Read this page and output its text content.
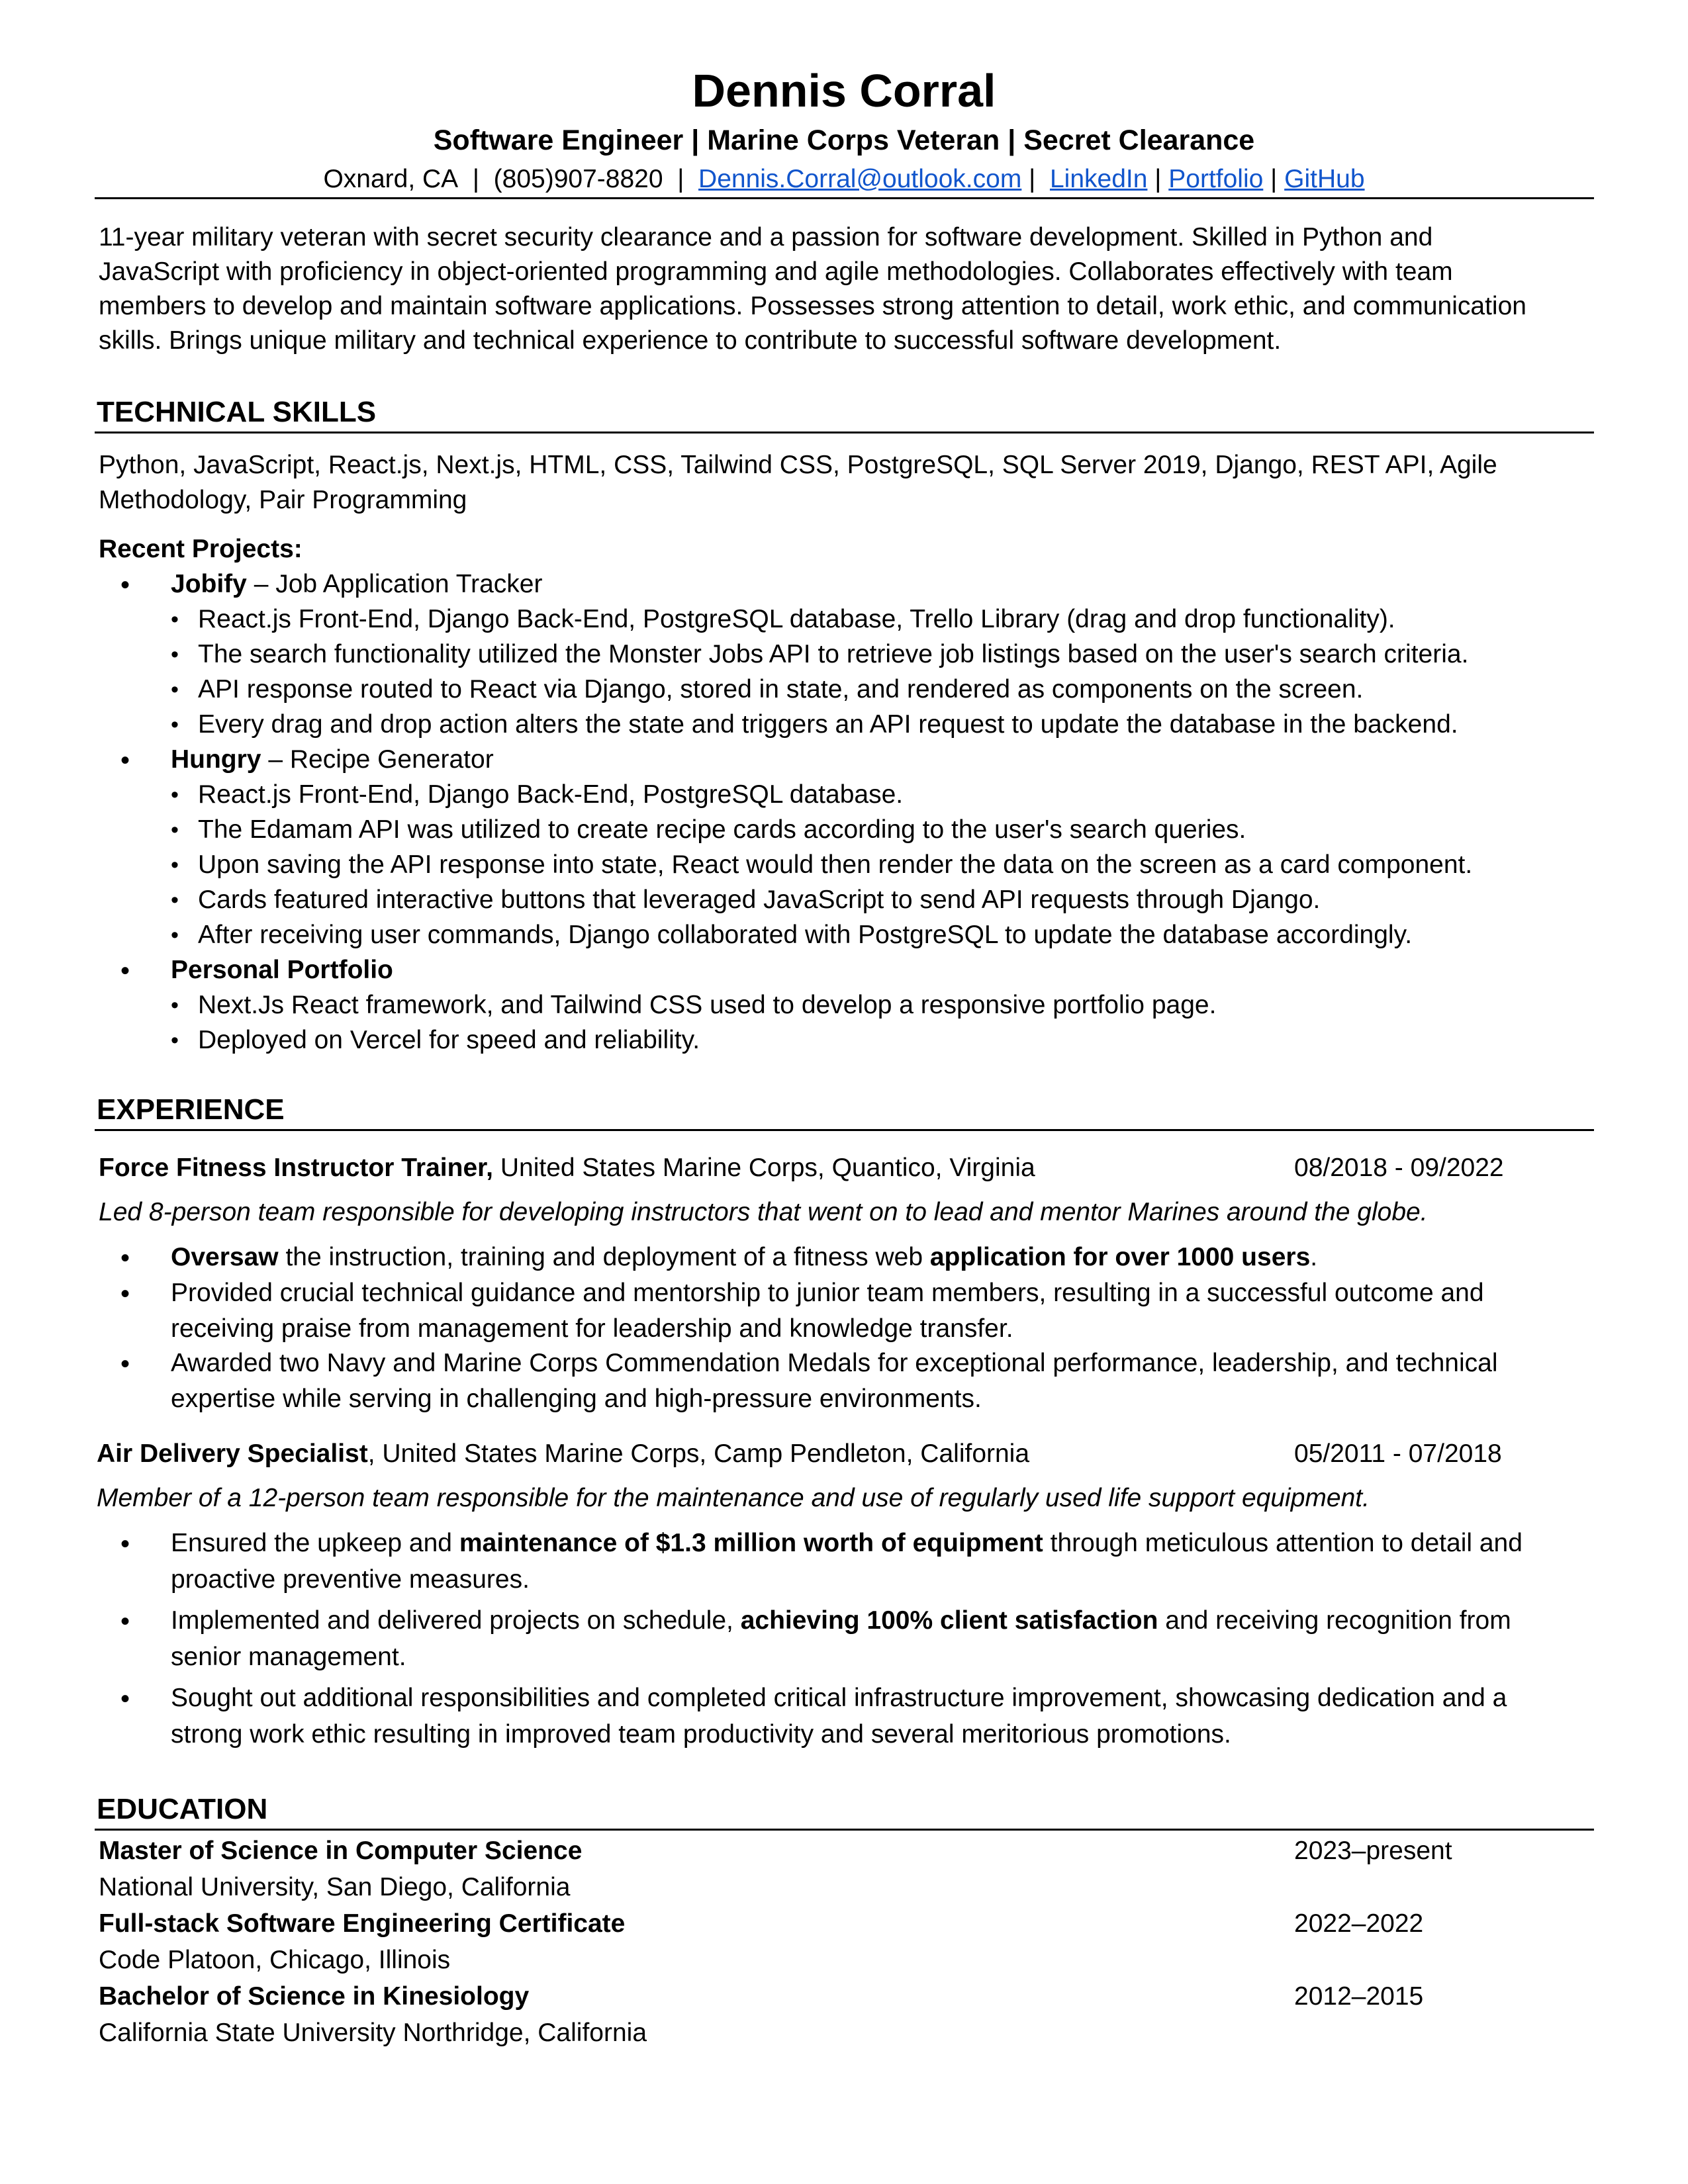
Dennis Corral
Software Engineer | Marine Corps Veteran | Secret Clearance
Oxnard, CA | (805)907-8820 | Dennis.Corral@outlook.com | LinkedIn | Portfolio | GitHub
11-year military veteran with secret security clearance and a passion for software development. Skilled in Python and
JavaScript with proficiency in object-oriented programming and agile methodologies. Collaborates effectively with team
members to develop and maintain software applications. Possesses strong attention to detail, work ethic, and communication
skills. Brings unique military and technical experience to contribute to successful software development.
TECHNICAL SKILLS
Python, JavaScript, React.js, Next.js, HTML, CSS, Tailwind CSS, PostgreSQL, SQL Server 2019, Django, REST API, Agile
Methodology, Pair Programming
Recent Projects:
• Jobify – Job Application Tracker
• React.js Front-End, Django Back-End, PostgreSQL database, Trello Library (drag and drop functionality).
• The search functionality utilized the Monster Jobs API to retrieve job listings based on the user's search criteria.
• API response routed to React via Django, stored in state, and rendered as components on the screen.
• Every drag and drop action alters the state and triggers an API request to update the database in the backend.
• Hungry – Recipe Generator
• React.js Front-End, Django Back-End, PostgreSQL database.
• The Edamam API was utilized to create recipe cards according to the user's search queries.
• Upon saving the API response into state, React would then render the data on the screen as a card component.
• Cards featured interactive buttons that leveraged JavaScript to send API requests through Django.
• After receiving user commands, Django collaborated with PostgreSQL to update the database accordingly.
• Personal Portfolio
• Next.Js React framework, and Tailwind CSS used to develop a responsive portfolio page.
• Deployed on Vercel for speed and reliability.
EXPERIENCE
Force Fitness Instructor Trainer, United States Marine Corps, Quantico, Virginia	08/2018 - 09/2022
Led 8-person team responsible for developing instructors that went on to lead and mentor Marines around the globe.
• Oversaw the instruction, training and deployment of a fitness web application for over 1000 users.
• Provided crucial technical guidance and mentorship to junior team members, resulting in a successful outcome and
receiving praise from management for leadership and knowledge transfer.
• Awarded two Navy and Marine Corps Commendation Medals for exceptional performance, leadership, and technical
expertise while serving in challenging and high-pressure environments.
Air Delivery Specialist, United States Marine Corps, Camp Pendleton, California	05/2011 - 07/2018
Member of a 12-person team responsible for the maintenance and use of regularly used life support equipment.
• Ensured the upkeep and maintenance of $1.3 million worth of equipment through meticulous attention to detail and
proactive preventive measures.
• Implemented and delivered projects on schedule, achieving 100% client satisfaction and receiving recognition from
senior management.
• Sought out additional responsibilities and completed critical infrastructure improvement, showcasing dedication and a
strong work ethic resulting in improved team productivity and several meritorious promotions.
EDUCATION
Master of Science in Computer Science	2023–present
National University, San Diego, California
Full-stack Software Engineering Certificate	2022–2022
Code Platoon, Chicago, Illinois
Bachelor of Science in Kinesiology	2012–2015
California State University Northridge, California
